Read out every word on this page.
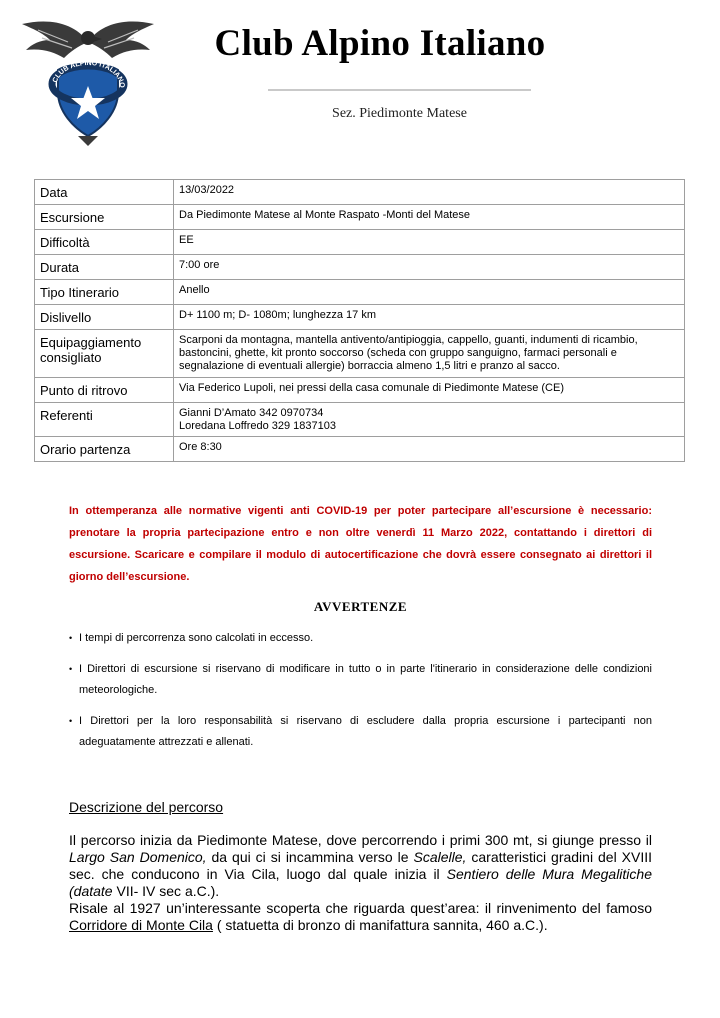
CLUB ALPINO ITALIANO
Club Alpino Italiano
Sez. Piedimonte Matese
Data	13/03/2022

Escursione	Da Piedimonte Matese al Monte Raspato -Monti del Matese

Difficoltà	EE

Durata	7:00 ore

Tipo Itinerario	Anello

Dislivello	D+ 1100 m; D- 1080m; lunghezza 17 km

Equipaggiamento consigliato	Scarponi da montagna, mantella antivento/antipioggia, cappello, guanti, indumenti di ricambio, bastoncini, ghette, kit pronto soccorso (scheda con gruppo sanguigno, farmaci personali e segnalazione di eventuali allergie) borraccia almeno 1,5 litri e pranzo al sacco.

Punto di ritrovo	Via Federico Lupoli, nei pressi della casa comunale di Piedimonte Matese (CE)

Referenti	Gianni D’Amato 342 0970734
Loredana Loffredo 329 1837103

Orario partenza	Ore 8:30
In ottemperanza alle normative vigenti anti COVID-19 per poter partecipare all’escursione è necessario: prenotare la propria partecipazione entro e non oltre venerdì 11 Marzo 2022, contattando i direttori di escursione. Scaricare e compilare il modulo di autocertificazione che dovrà essere consegnato ai direttori il giorno dell’escursione.
AVVERTENZE
• I tempi di percorrenza sono calcolati in eccesso.
• I Direttori di escursione si riservano di modificare in tutto o in parte l'itinerario in considerazione delle condizioni meteorologiche.
• I Direttori per la loro responsabilità si riservano di escludere dalla propria escursione i partecipanti non adeguatamente attrezzati e allenati.
Descrizione del percorso

Il percorso inizia da Piedimonte Matese, dove percorrendo i primi 300 mt, si giunge presso il Largo San Domenico, da qui ci si incammina verso le Scalelle, caratteristici gradini del XVIII sec. che conducono in Via Cila, luogo dal quale inizia il Sentiero delle Mura Megalitiche (datate VII- IV sec a.C.).

Risale al 1927 un’interessante scoperta che riguarda quest’area: il rinvenimento del famoso Corridore di Monte Cila ( statuetta di bronzo di manifattura sannita, 460 a.C.).
